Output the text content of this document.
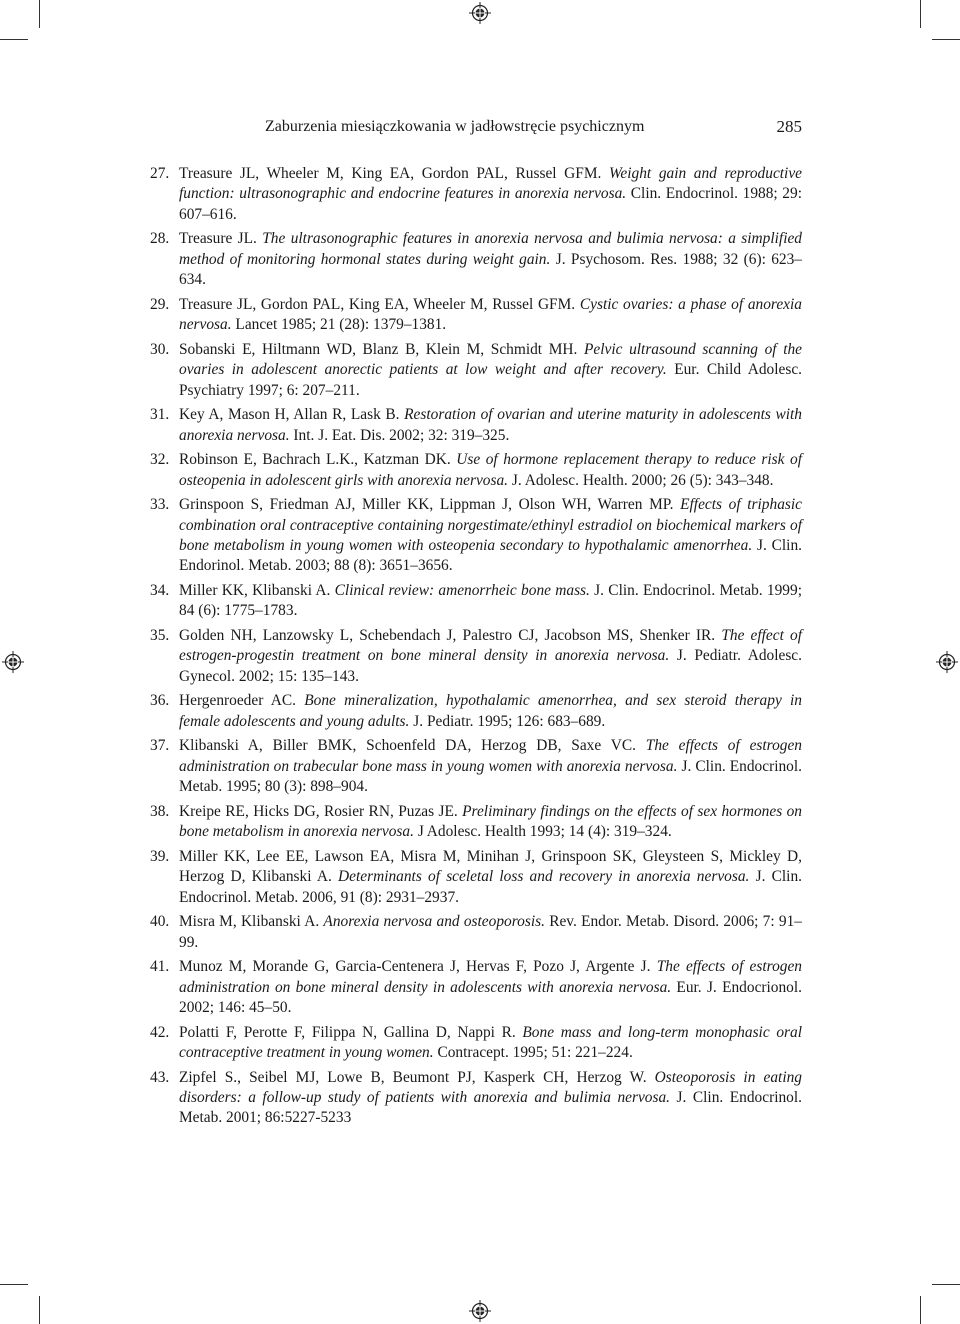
Zaburzenia miesiączkowania w jadłowstręcie psychicznym	285
27. Treasure JL, Wheeler M, King EA, Gordon PAL, Russel GFM. Weight gain and reproductive function: ultrasonographic and endocrine features in anorexia nervosa. Clin. Endocrinol. 1988; 29: 607–616.
28. Treasure JL. The ultrasonographic features in anorexia nervosa and bulimia nervosa: a simplified method of monitoring hormonal states during weight gain. J. Psychosom. Res. 1988; 32 (6): 623–634.
29. Treasure JL, Gordon PAL, King EA, Wheeler M, Russel GFM. Cystic ovaries: a phase of anorexia nervosa. Lancet 1985; 21 (28): 1379–1381.
30. Sobanski E, Hiltmann WD, Blanz B, Klein M, Schmidt MH. Pelvic ultrasound scanning of the ovaries in adolescent anorectic patients at low weight and after recovery. Eur. Child Adolesc. Psychiatry 1997; 6: 207–211.
31. Key A, Mason H, Allan R, Lask B. Restoration of ovarian and uterine maturity in adolescents with anorexia nervosa. Int. J. Eat. Dis. 2002; 32: 319–325.
32. Robinson E, Bachrach L.K., Katzman DK. Use of hormone replacement therapy to reduce risk of osteopenia in adolescent girls with anorexia nervosa. J. Adolesc. Health. 2000; 26 (5): 343–348.
33. Grinspoon S, Friedman AJ, Miller KK, Lippman J, Olson WH, Warren MP. Effects of triphasic combination oral contraceptive containing norgestimate/ethinyl estradiol on biochemical markers of bone metabolism in young women with osteopenia secondary to hypothalamic amenorrhea. J. Clin. Endorinol. Metab. 2003; 88 (8): 3651–3656.
34. Miller KK, Klibanski A. Clinical review: amenorrheic bone mass. J. Clin. Endocrinol. Metab. 1999; 84 (6): 1775–1783.
35. Golden NH, Lanzowsky L, Schebendach J, Palestro CJ, Jacobson MS, Shenker IR. The effect of estrogen-progestin treatment on bone mineral density in anorexia nervosa. J. Pediatr. Adolesc. Gynecol. 2002; 15: 135–143.
36. Hergenroeder AC. Bone mineralization, hypothalamic amenorrhea, and sex steroid therapy in female adolescents and young adults. J. Pediatr. 1995; 126: 683–689.
37. Klibanski A, Biller BMK, Schoenfeld DA, Herzog DB, Saxe VC. The effects of estrogen administration on trabecular bone mass in young women with anorexia nervosa. J. Clin. Endocrinol. Metab. 1995; 80 (3): 898–904.
38. Kreipe RE, Hicks DG, Rosier RN, Puzas JE. Preliminary findings on the effects of sex hormones on bone metabolism in anorexia nervosa. J Adolesc. Health 1993; 14 (4): 319–324.
39. Miller KK, Lee EE, Lawson EA, Misra M, Minihan J, Grinspoon SK, Gleysteen S, Mickley D, Herzog D, Klibanski A. Determinants of sceletal loss and recovery in anorexia nervosa. J. Clin. Endocrinol. Metab. 2006, 91 (8): 2931–2937.
40. Misra M, Klibanski A. Anorexia nervosa and osteoporosis. Rev. Endor. Metab. Disord. 2006; 7: 91–99.
41. Munoz M, Morande G, Garcia-Centenera J, Hervas F, Pozo J, Argente J. The effects of estrogen administration on bone mineral density in adolescents with anorexia nervosa. Eur. J. Endocrionol. 2002; 146: 45–50.
42. Polatti F, Perotte F, Filippa N, Gallina D, Nappi R. Bone mass and long-term monophasic oral contraceptive treatment in young women. Contracept. 1995; 51: 221–224.
43. Zipfel S., Seibel MJ, Lowe B, Beumont PJ, Kasperk CH, Herzog W. Osteoporosis in eating disorders: a follow-up study of patients with anorexia and bulimia nervosa. J. Clin. Endocrinol. Metab. 2001; 86:5227-5233
